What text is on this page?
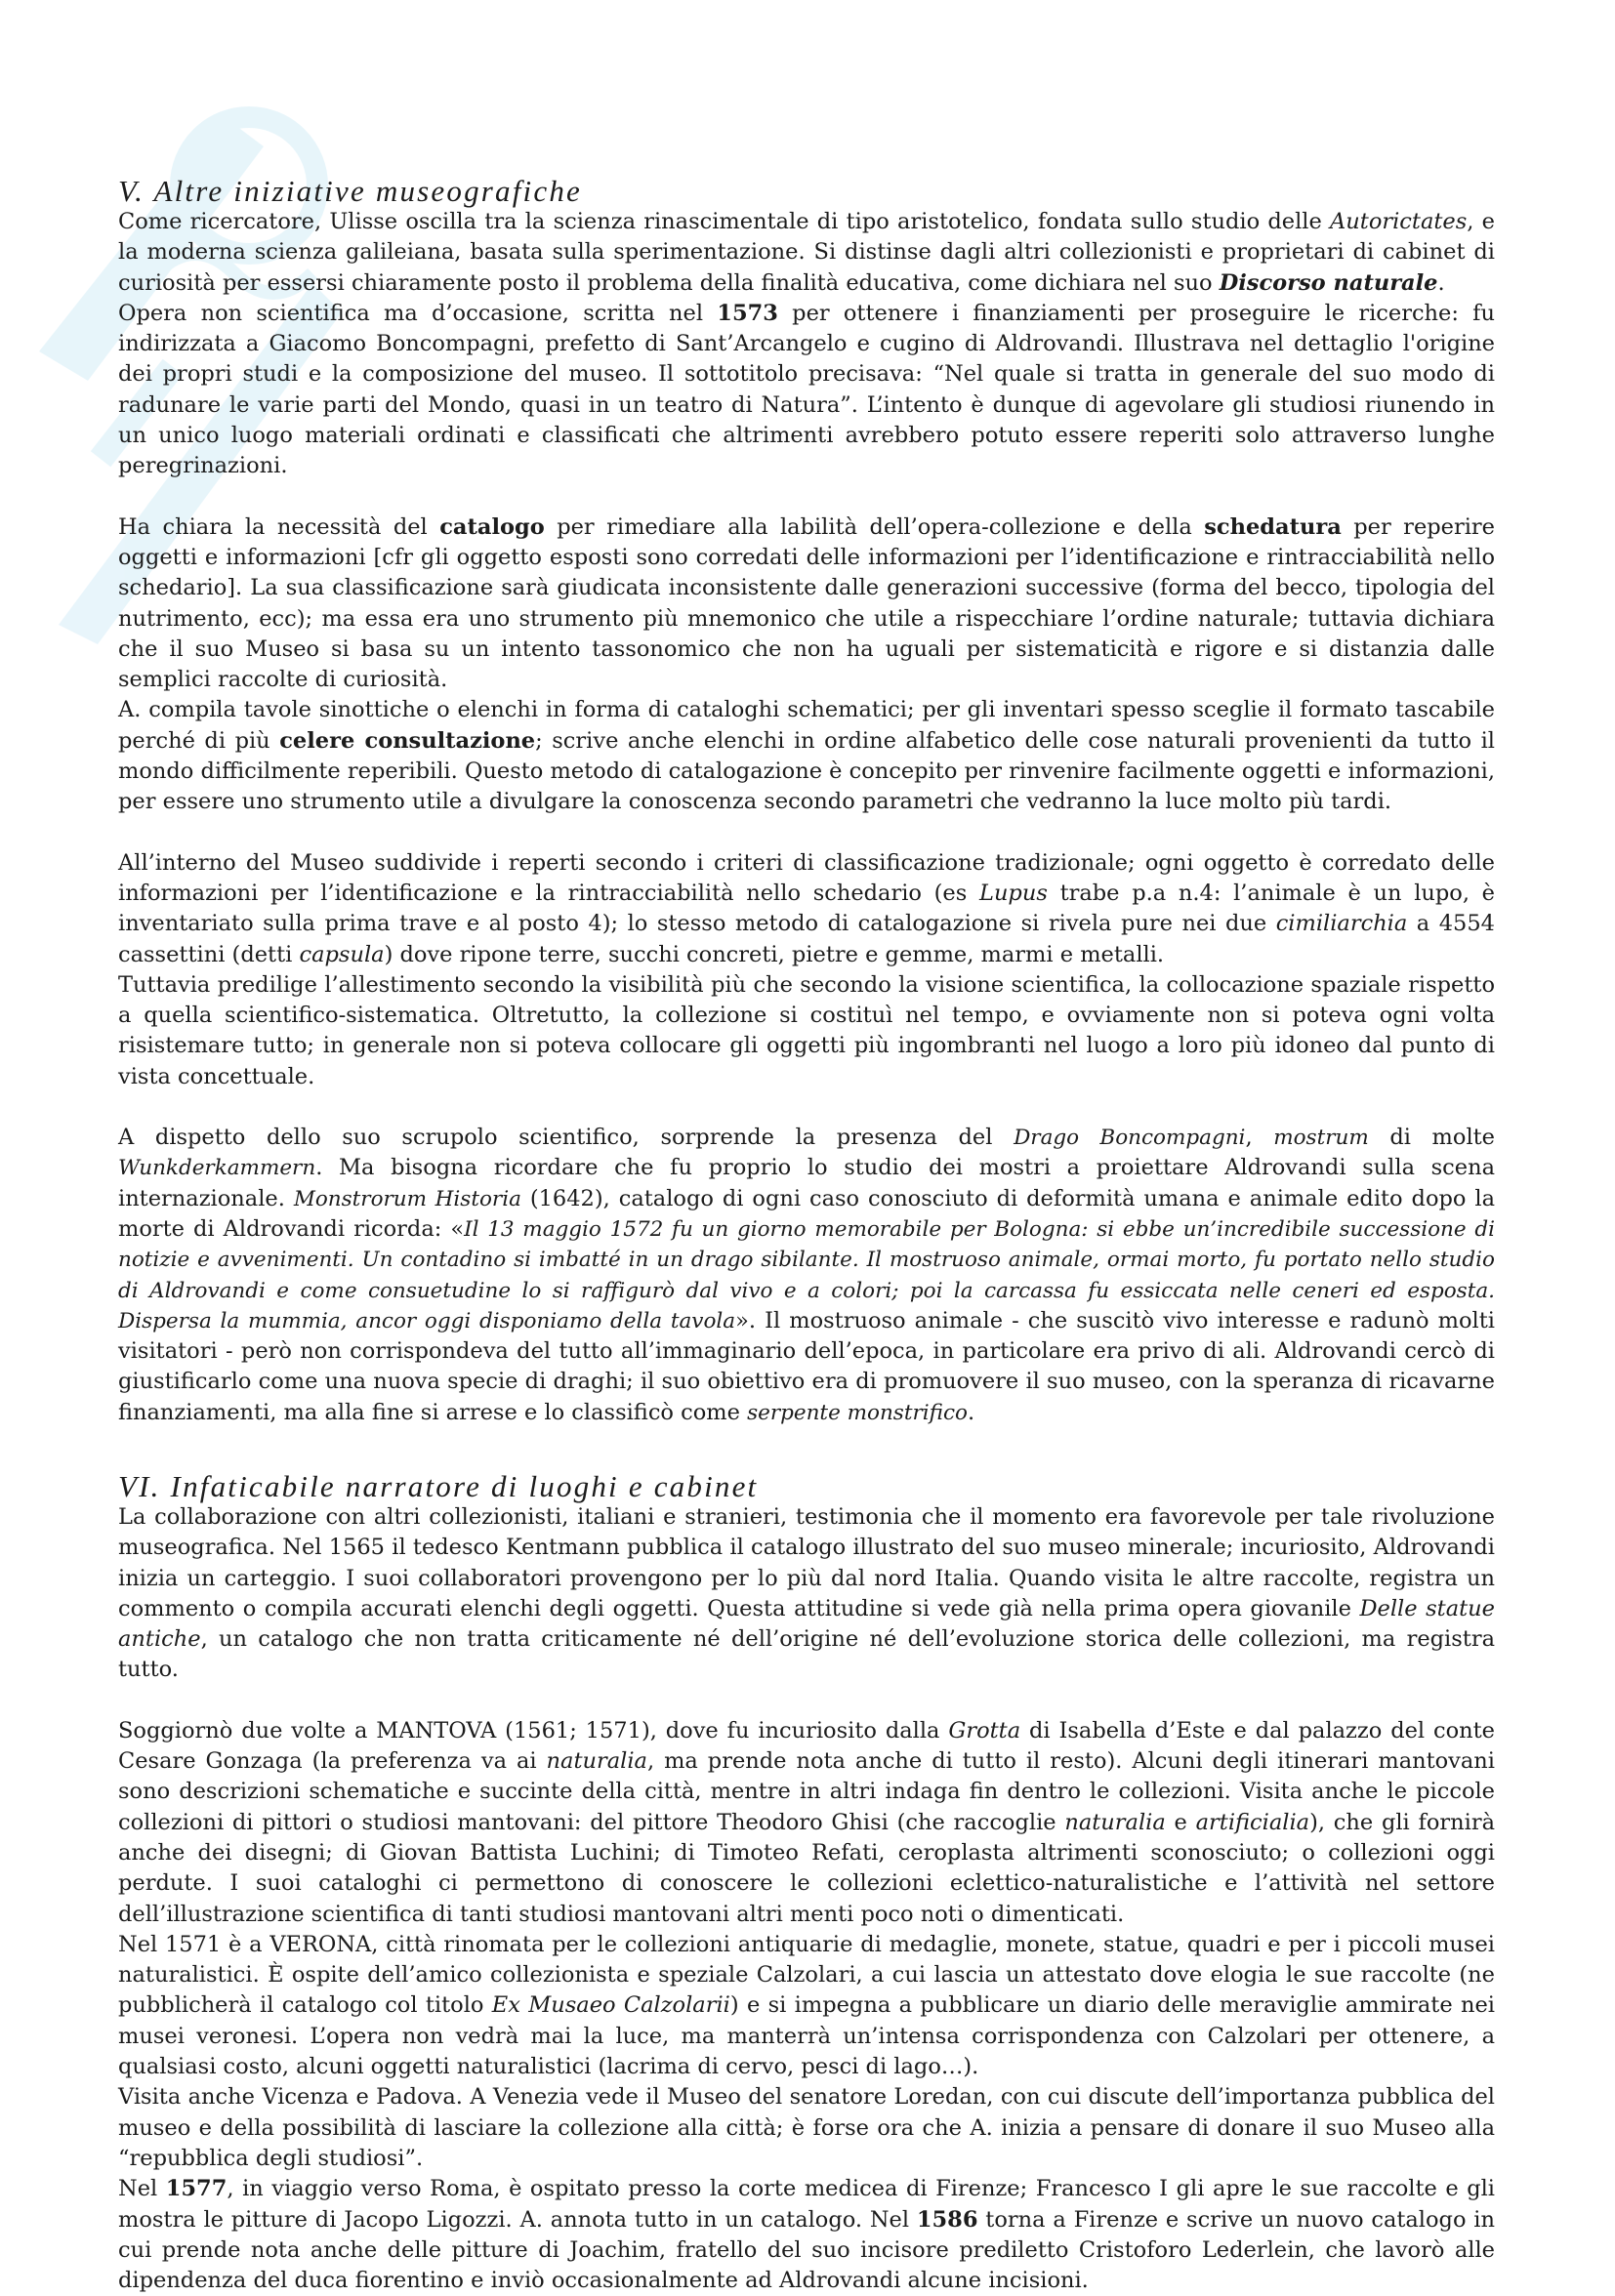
V. Altre iniziative museografiche

Come ricercatore, Ulisse oscilla tra la scienza rinascimentale di tipo aristotelico, fondata sullo studio delle Autorictates, e la moderna scienza galileiana, basata sulla sperimentazione. Si distinse dagli altri collezionisti e proprietari di cabinet di curiosità per essersi chiaramente posto il problema della finalità educativa, come dichiara nel suo Discorso naturale.

Opera non scientifica ma d’occasione, scritta nel 1573 per ottenere i finanziamenti per proseguire le ricerche: fu indirizzata a Giacomo Boncompagni, prefetto di Sant’Arcangelo e cugino di Aldrovandi. Illustrava nel dettaglio l'origine dei propri studi e la composizione del museo. Il sottotitolo precisava: “Nel quale si tratta in generale del suo modo di radunare le varie parti del Mondo, quasi in un teatro di Natura”. L’intento è dunque di agevolare gli studiosi riunendo in un unico luogo materiali ordinati e classificati che altrimenti avrebbero potuto essere reperiti solo attraverso lunghe peregrinazioni.

Ha chiara la necessità del catalogo per rimediare alla labilità dell’opera-collezione e della schedatura per reperire oggetti e informazioni [cfr gli oggetto esposti sono corredati delle informazioni per l’identificazione e rintracciabilità nello schedario]. La sua classificazione sarà giudicata inconsistente dalle generazioni successive (forma del becco, tipologia del nutrimento, ecc); ma essa era uno strumento più mnemonico che utile a rispecchiare l’ordine naturale; tuttavia dichiara che il suo Museo si basa su un intento tassonomico che non ha uguali per sistematicità e rigore e si distanzia dalle semplici raccolte di curiosità.

A. compila tavole sinottiche o elenchi in forma di cataloghi schematici; per gli inventari spesso sceglie il formato tascabile perché di più celere consultazione; scrive anche elenchi in ordine alfabetico delle cose naturali provenienti da tutto il mondo difficilmente reperibili. Questo metodo di catalogazione è concepito per rinvenire facilmente oggetti e informazioni, per essere uno strumento utile a divulgare la conoscenza secondo parametri che vedranno la luce molto più tardi.

All’interno del Museo suddivide i reperti secondo i criteri di classificazione tradizionale; ogni oggetto è corredato delle informazioni per l’identificazione e la rintracciabilità nello schedario (es Lupus trabe p.a n.4: l’animale è un lupo, è inventariato sulla prima trave e al posto 4); lo stesso metodo di catalogazione si rivela pure nei due cimiliarchia a 4554 cassettini (detti capsula) dove ripone terre, succhi concreti, pietre e gemme, marmi e metalli.

Tuttavia predilige l’allestimento secondo la visibilità più che secondo la visione scientifica, la collocazione spaziale rispetto a quella scientifico-sistematica. Oltretutto, la collezione si costituì nel tempo, e ovviamente non si poteva ogni volta risistemare tutto; in generale non si poteva collocare gli oggetti più ingombranti nel luogo a loro più idoneo dal punto di vista concettuale.

A dispetto dello suo scrupolo scientifico, sorprende la presenza del Drago Boncompagni, mostrum di molte Wunkderkammern. Ma bisogna ricordare che fu proprio lo studio dei mostri a proiettare Aldrovandi sulla scena internazionale. Monstrorum Historia (1642), catalogo di ogni caso conosciuto di deformità umana e animale edito dopo la morte di Aldrovandi ricorda: «Il 13 maggio 1572 fu un giorno memorabile per Bologna: si ebbe un’incredibile successione di notizie e avvenimenti. Un contadino si imbatté in un drago sibilante. Il mostruoso animale, ormai morto, fu portato nello studio di Aldrovandi e come consuetudine lo si raffigurò dal vivo e a colori; poi la carcassa fu essiccata nelle ceneri ed esposta. Dispersa la mummia, ancor oggi disponiamo della tavola». Il mostruoso animale - che suscitò vivo interesse e radunò molti visitatori - però non corrispondeva del tutto all’immaginario dell’epoca, in particolare era privo di ali. Aldrovandi cercò di giustificarlo come una nuova specie di draghi; il suo obiettivo era di promuovere il suo museo, con la speranza di ricavarne finanziamenti, ma alla fine si arrese e lo classificò come serpente monstrifico.

VI. Infaticabile narratore di luoghi e cabinet

La collaborazione con altri collezionisti, italiani e stranieri, testimonia che il momento era favorevole per tale rivoluzione museografica. Nel 1565 il tedesco Kentmann pubblica il catalogo illustrato del suo museo minerale; incuriosito, Aldrovandi inizia un carteggio. I suoi collaboratori provengono per lo più dal nord Italia. Quando visita le altre raccolte, registra un commento o compila accurati elenchi degli oggetti. Questa attitudine si vede già nella prima opera giovanile Delle statue antiche, un catalogo che non tratta criticamente né dell’origine né dell’evoluzione storica delle collezioni, ma registra tutto.

Soggiornò due volte a MANTOVA (1561; 1571), dove fu incuriosito dalla Grotta di Isabella d’Este e dal palazzo del conte Cesare Gonzaga (la preferenza va ai naturalia, ma prende nota anche di tutto il resto). Alcuni degli itinerari mantovani sono descrizioni schematiche e succinte della città, mentre in altri indaga fin dentro le collezioni. Visita anche le piccole collezioni di pittori o studiosi mantovani: del pittore Theodoro Ghisi (che raccoglie naturalia e artificialia), che gli fornirà anche dei disegni; di Giovan Battista Luchini; di Timoteo Refati, ceroplasta altrimenti sconosciuto; o collezioni oggi perdute. I suoi cataloghi ci permettono di conoscere le collezioni eclettico-naturalistiche e l’attività nel settore dell’illustrazione scientifica di tanti studiosi mantovani altri menti poco noti o dimenticati.

Nel 1571 è a VERONA, città rinomata per le collezioni antiquarie di medaglie, monete, statue, quadri e per i piccoli musei naturalistici. È ospite dell’amico collezionista e speziale Calzolari, a cui lascia un attestato dove elogia le sue raccolte (ne pubblicherà il catalogo col titolo Ex Musaeo Calzolarii) e si impegna a pubblicare un diario delle meraviglie ammirate nei musei veronesi. L’opera non vedrà mai la luce, ma manterrà un’intensa corrispondenza con Calzolari per ottenere, a qualsiasi costo, alcuni oggetti naturalistici (lacrima di cervo, pesci di lago…).

Visita anche Vicenza e Padova. A Venezia vede il Museo del senatore Loredan, con cui discute dell’importanza pubblica del museo e della possibilità di lasciare la collezione alla città; è forse ora che A. inizia a pensare di donare il suo Museo alla “repubblica degli studiosi”.

Nel 1577, in viaggio verso Roma, è ospitato presso la corte medicea di Firenze; Francesco I gli apre le sue raccolte e gli mostra le pitture di Jacopo Ligozzi. A. annota tutto in un catalogo. Nel 1586 torna a Firenze e scrive un nuovo catalogo in cui prende nota anche delle pitture di Joachim, fratello del suo incisore prediletto Cristoforo Lederlein, che lavorò alle dipendenza del duca fiorentino e inviò occasionalmente ad Aldrovandi alcune incisioni.
